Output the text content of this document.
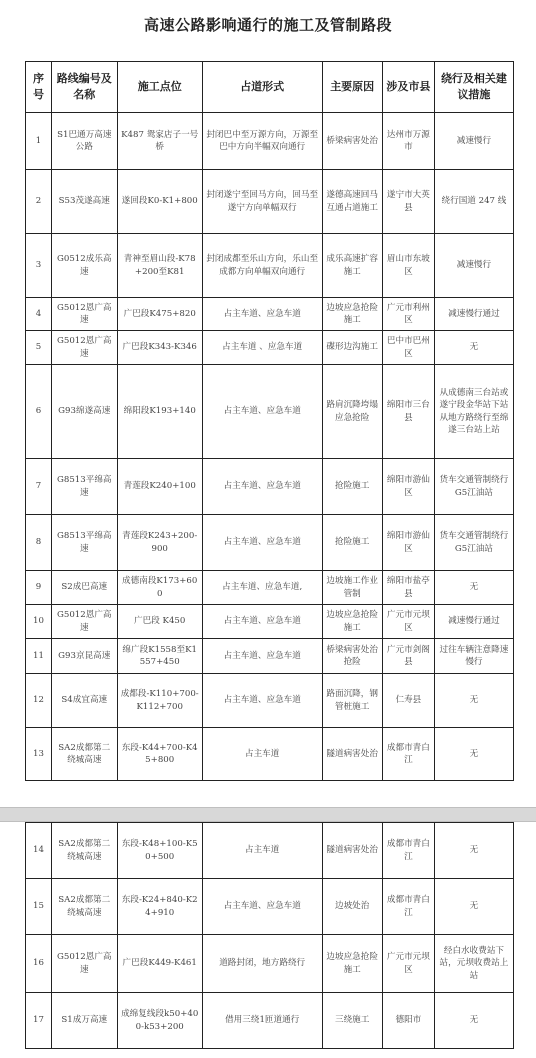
高速公路影响通行的施工及管制路段
序号	路线编号及名称	施工点位	占道形式	主要原因	涉及市县	绕行及相关建议措施
1	S1巴通万高速公路	K487 鸳家店子一号桥	封闭巴中至万源方向，万源至巴中方向半幅双向通行	桥梁病害处治	达州市万源市	减速慢行
2	S53茂遂高速	遂回段K0-K1+800	封闭遂宁至回马方向，回马至遂宁方向单幅双行	遂德高速回马互通占道施工	遂宁市大英县	绕行国道 247 线
3	G0512成乐高速	青神至眉山段-K78+200至K81	封闭成都至乐山方向，乐山至成都方向单幅双向通行	成乐高速扩容施工	眉山市东坡区	减速慢行
4	G5012恩广高速	广巴段K475+820	占主车道、应急车道	边坡应急抢险施工	广元市利州区	减速慢行通过
5	G5012恩广高速	广巴段K343-K346	占主车道 、应急车道	碟形边沟施工	巴中市巴州区	无
6	G93绵遂高速	绵阳段K193+140	占主车道、应急车道	路肩沉降垮塌应急抢险	绵阳市三台县	从成德南三台站或遂宁段金华站下站从地方路绕行至绵遂三台站上站
7	G8513平绵高速	青莲段K240+100	占主车道、应急车道	抢险施工	绵阳市游仙区	货车交通管制绕行G5江油站
8	G8513平绵高速	青莲段K243+200-900	占主车道、应急车道	抢险施工	绵阳市游仙区	货车交通管制绕行G5江油站
9	S2成巴高速	成德南段K173+600	占主车道、应急车道,	边坡施工作业管制	绵阳市盐亭县	无
10	G5012恩广高速	广巴段 K450	占主车道、应急车道	边坡应急抢险施工	广元市元坝区	减速慢行通过
11	G93京昆高速	绵广段K1558至K1557+450	占主车道、应急车道	桥梁病害处治抢险	广元市剑阁县	过往车辆注意降速慢行
12	S4成宜高速	成都段-K110+700-K112+700	占主车道、应急车道	路面沉降，钢管桩施工	仁寿县	无
13	SA2成都第二绕城高速	东段-K44+700-K45+800	占主车道	隧道病害处治	成都市青白江	无
14	SA2成都第二绕城高速	东段-K48+100-K50+500	占主车道	隧道病害处治	成都市青白江	无
15	SA2成都第二绕城高速	东段-K24+840-K24+910	占主车道、应急车道	边坡处治	成都市青白江	无
16	G5012恩广高速	广巴段K449-K461	道路封闭，地方路绕行	边坡应急抢险施工	广元市元坝区	经白水收费站下站，元坝收费站上站
17	S1成万高速	成绵复线段k50+400-k53+200	借用三绕1匝道通行	三绕施工	德阳市	无
